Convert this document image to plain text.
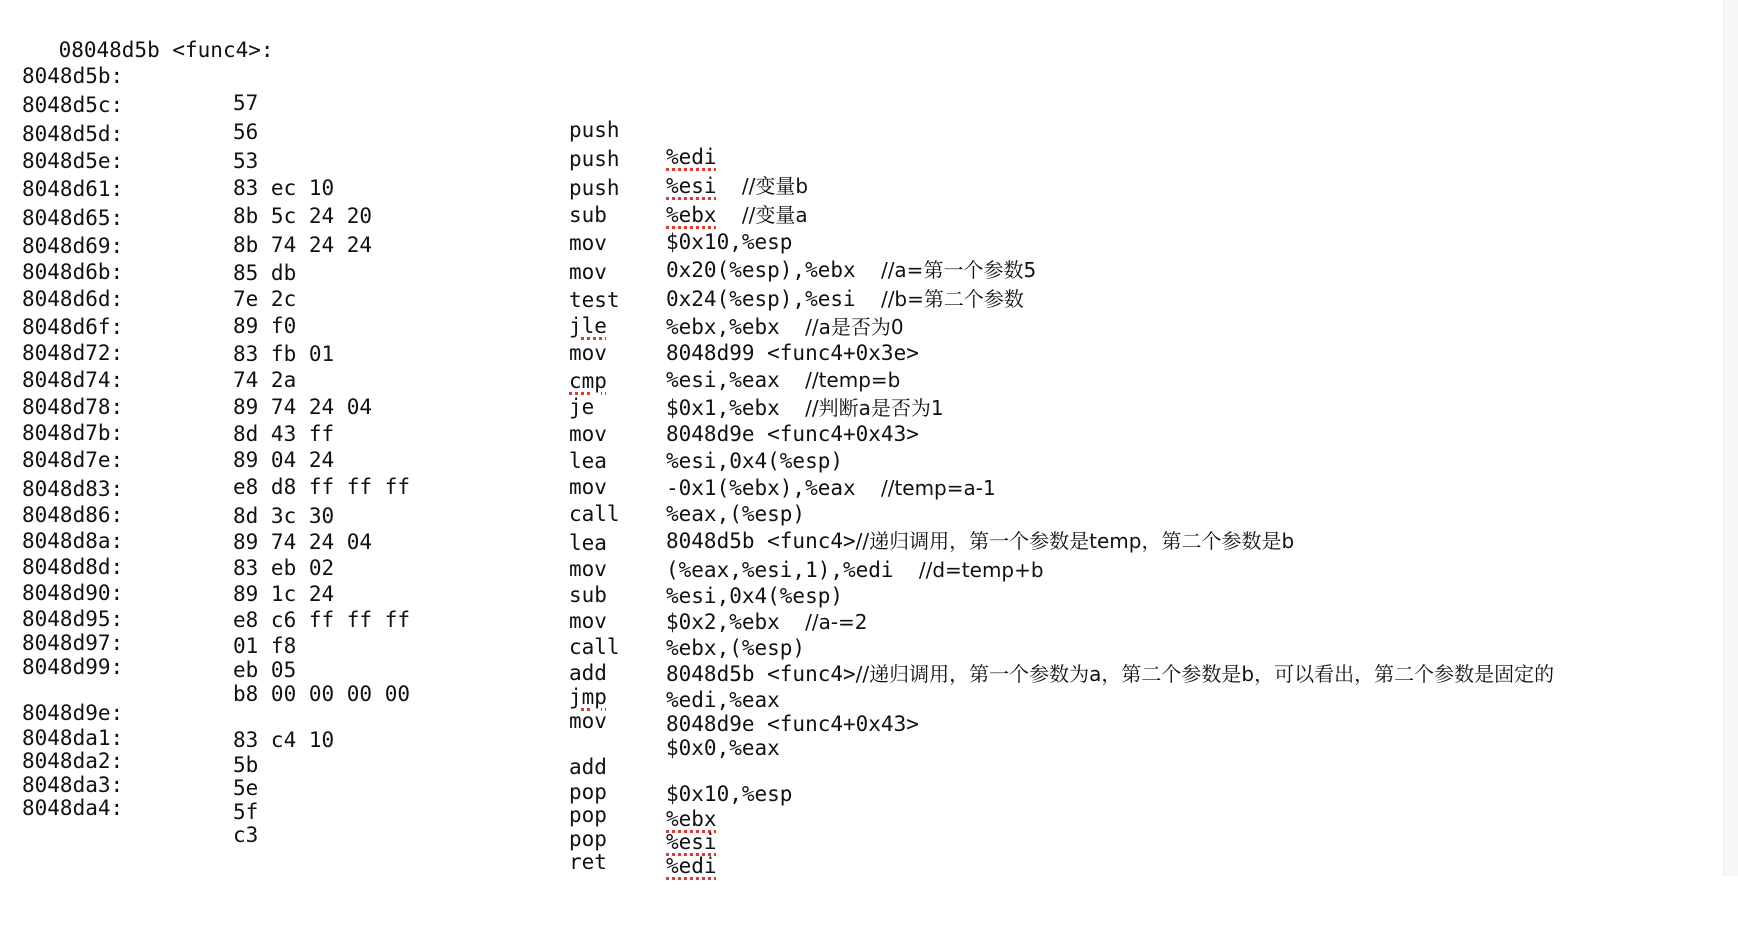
08048d5b <func4>:

8048d5b:

57

push

%edi

8048d5c:

56

push

%esi //变量b

8048d5d:

53

push

%ebx //变量a

8048d5e:

83 ec 10

sub

$0x10,%esp

8048d61:

8b 5c 24 20

mov

0x20(%esp),%ebx //a=第一个参数5

8048d65:

8b 74 24 24

mov

0x24(%esp),%esi //b=第二个参数

8048d69:

85 db

test

%ebx,%ebx //a是否为0

8048d6b:

7e 2c

jle

8048d99 <func4+0x3e>

8048d6d:

89 f0

mov

%esi,%eax //temp=b

8048d6f:

83 fb 01

cmp

$0x1,%ebx //判断a是否为1

8048d72:

74 2a

je

8048d9e <func4+0x43>

8048d74:

89 74 24 04

mov

%esi,0x4(%esp)

8048d78:

8d 43 ff

lea

-0x1(%ebx),%eax //temp=a-1

8048d7b:

89 04 24

mov

%eax,(%esp)

8048d7e:

e8 d8 ff ff ff

call

8048d5b <func4>//递归调用，第一个参数是temp，第二个参数是b

8048d83:

8d 3c 30

lea

(%eax,%esi,1),%edi //d=temp+b

8048d86:

89 74 24 04

mov

%esi,0x4(%esp)

8048d8a:

83 eb 02

sub

$0x2,%ebx //a-=2

8048d8d:

89 1c 24

mov

%ebx,(%esp)

8048d90:

e8 c6 ff ff ff

call

8048d5b <func4>//递归调用，第一个参数为a，第二个参数是b，可以看出，第二个参数是固定的

8048d95:

01 f8

add

%edi,%eax

8048d97:

eb 05

jmp

8048d9e <func4+0x43>

8048d99:

b8 00 00 00 00

mov

$0x0,%eax

8048d9e:

83 c4 10

add

$0x10,%esp

8048da1:

5b

pop

%ebx

8048da2:

5e

pop

%esi

8048da3:

5f

pop

%edi

8048da4:

c3

ret
